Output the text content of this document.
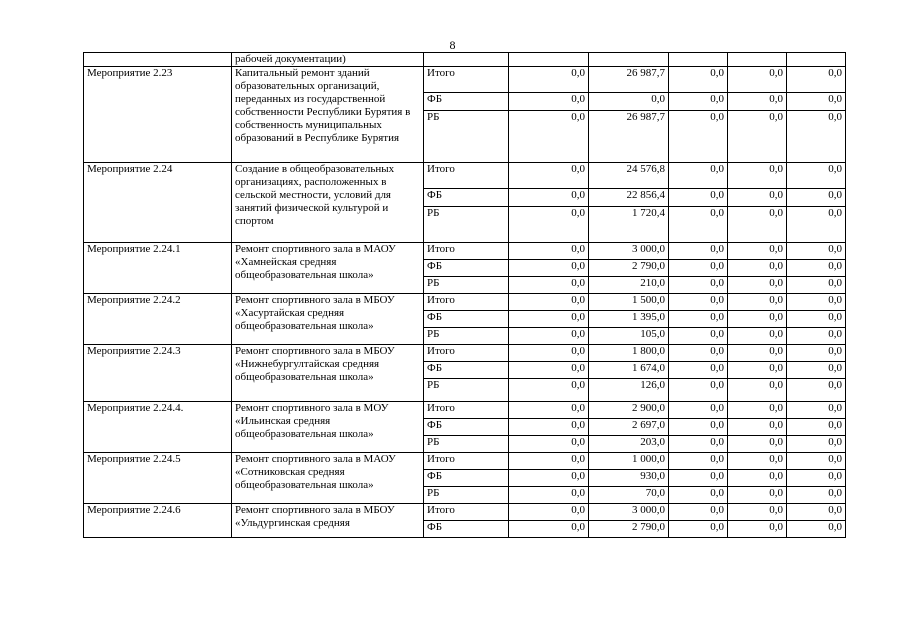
8
	рабочей документации)						
Мероприятие 2.23	Капитальный ремонт зданий образовательных организаций, переданных из государственной собственности Республики Бурятия в собственность муниципальных образований в Республике Бурятия	Итого	0,0	26 987,7	0,0	0,0	0,0
		ФБ	0,0	0,0	0,0	0,0	0,0
		РБ	0,0	26 987,7	0,0	0,0	0,0
Мероприятие 2.24	Создание в общеобразовательных организациях, расположенных в сельской местности, условий для занятий физической культурой и спортом	Итого	0,0	24 576,8	0,0	0,0	0,0
		ФБ	0,0	22 856,4	0,0	0,0	0,0
		РБ	0,0	1 720,4	0,0	0,0	0,0
Мероприятие 2.24.1	Ремонт спортивного зала в МАОУ «Хамнейская средняя общеобразовательная школа»	Итого	0,0	3 000,0	0,0	0,0	0,0
		ФБ	0,0	2 790,0	0,0	0,0	0,0
		РБ	0,0	210,0	0,0	0,0	0,0
Мероприятие 2.24.2	Ремонт спортивного зала в МБОУ «Хасуртайская средняя общеобразовательная школа»	Итого	0,0	1 500,0	0,0	0,0	0,0
		ФБ	0,0	1 395,0	0,0	0,0	0,0
		РБ	0,0	105,0	0,0	0,0	0,0
Мероприятие 2.24.3	Ремонт спортивного зала в МБОУ «Нижнебургултайская средняя общеобразовательная школа»	Итого	0,0	1 800,0	0,0	0,0	0,0
		ФБ	0,0	1 674,0	0,0	0,0	0,0
		РБ	0,0	126,0	0,0	0,0	0,0
Мероприятие 2.24.4.	Ремонт спортивного зала в МОУ «Ильинская средняя общеобразовательная школа»	Итого	0,0	2 900,0	0,0	0,0	0,0
		ФБ	0,0	2 697,0	0,0	0,0	0,0
		РБ	0,0	203,0	0,0	0,0	0,0
Мероприятие 2.24.5	Ремонт спортивного зала в МАОУ «Сотниковская средняя общеобразовательная школа»	Итого	0,0	1 000,0	0,0	0,0	0,0
		ФБ	0,0	930,0	0,0	0,0	0,0
		РБ	0,0	70,0	0,0	0,0	0,0
Мероприятие 2.24.6	Ремонт спортивного зала в МБОУ «Ульдургинская средняя	Итого	0,0	3 000,0	0,0	0,0	0,0
		ФБ	0,0	2 790,0	0,0	0,0	0,0
